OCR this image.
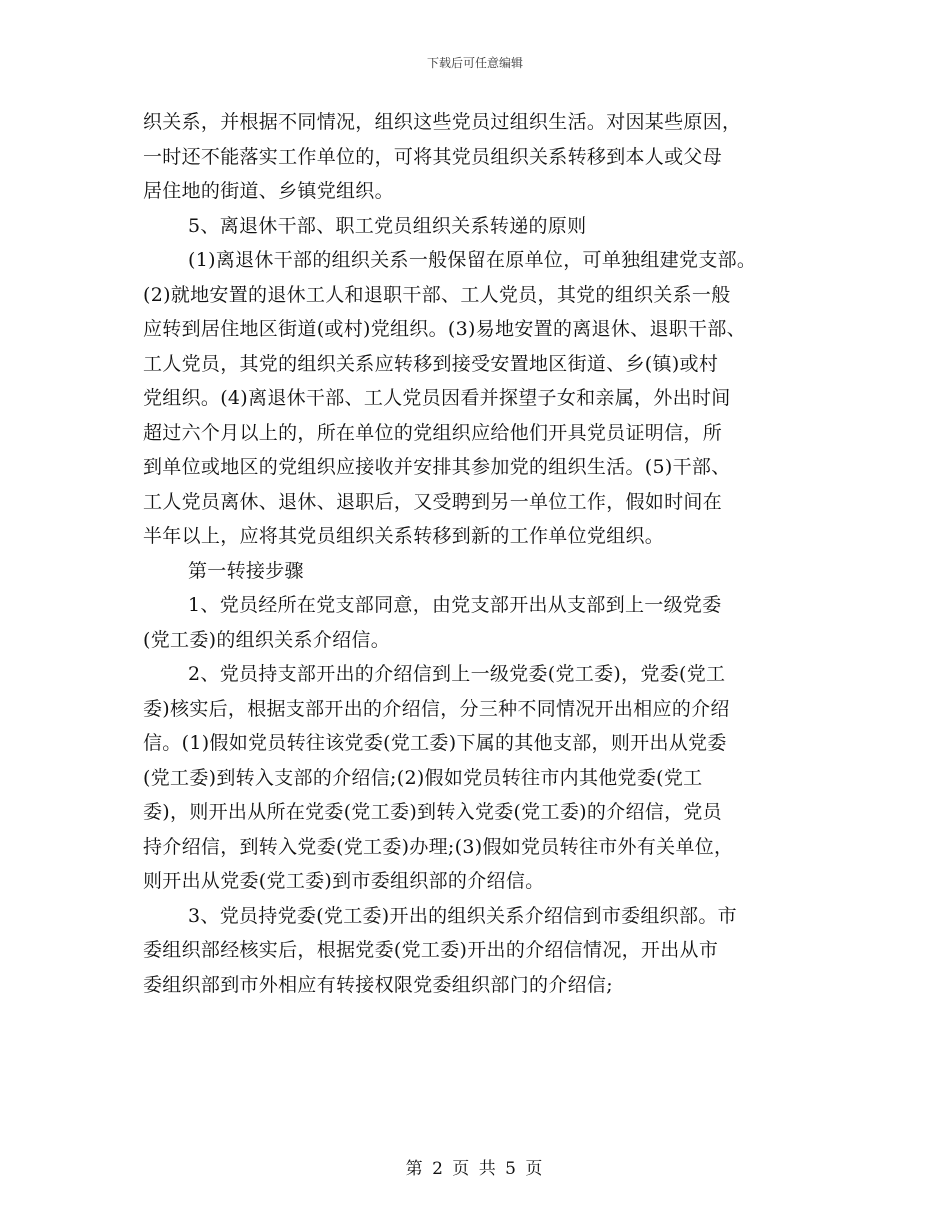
下载后可任意编辑
织关系，并根据不同情况，组织这些党员过组织生活。对因某些原因，
一时还不能落实工作单位的，可将其党员组织关系转移到本人或父母
居住地的街道、乡镇党组织。
5、离退休干部、职工党员组织关系转递的原则
(1)离退休干部的组织关系一般保留在原单位，可单独组建党支部。
(2)就地安置的退休工人和退职干部、工人党员，其党的组织关系一般
应转到居住地区街道(或村)党组织。(3)易地安置的离退休、退职干部、
工人党员，其党的组织关系应转移到接受安置地区街道、乡(镇)或村
党组织。(4)离退休干部、工人党员因看并探望子女和亲属，外出时间
超过六个月以上的，所在单位的党组织应给他们开具党员证明信，所
到单位或地区的党组织应接收并安排其参加党的组织生活。(5)干部、
工人党员离休、退休、退职后，又受聘到另一单位工作，假如时间在
半年以上，应将其党员组织关系转移到新的工作单位党组织。
第一转接步骤
1、党员经所在党支部同意，由党支部开出从支部到上一级党委
(党工委)的组织关系介绍信。
2、党员持支部开出的介绍信到上一级党委(党工委)，党委(党工
委)核实后，根据支部开出的介绍信，分三种不同情况开出相应的介绍
信。(1)假如党员转往该党委(党工委)下属的其他支部，则开出从党委
(党工委)到转入支部的介绍信;(2)假如党员转往市内其他党委(党工
委)，则开出从所在党委(党工委)到转入党委(党工委)的介绍信，党员
持介绍信，到转入党委(党工委)办理;(3)假如党员转往市外有关单位，
则开出从党委(党工委)到市委组织部的介绍信。
3、党员持党委(党工委)开出的组织关系介绍信到市委组织部。市
委组织部经核实后，根据党委(党工委)开出的介绍信情况，开出从市
委组织部到市外相应有转接权限党委组织部门的介绍信;
第 2 页 共 5 页
